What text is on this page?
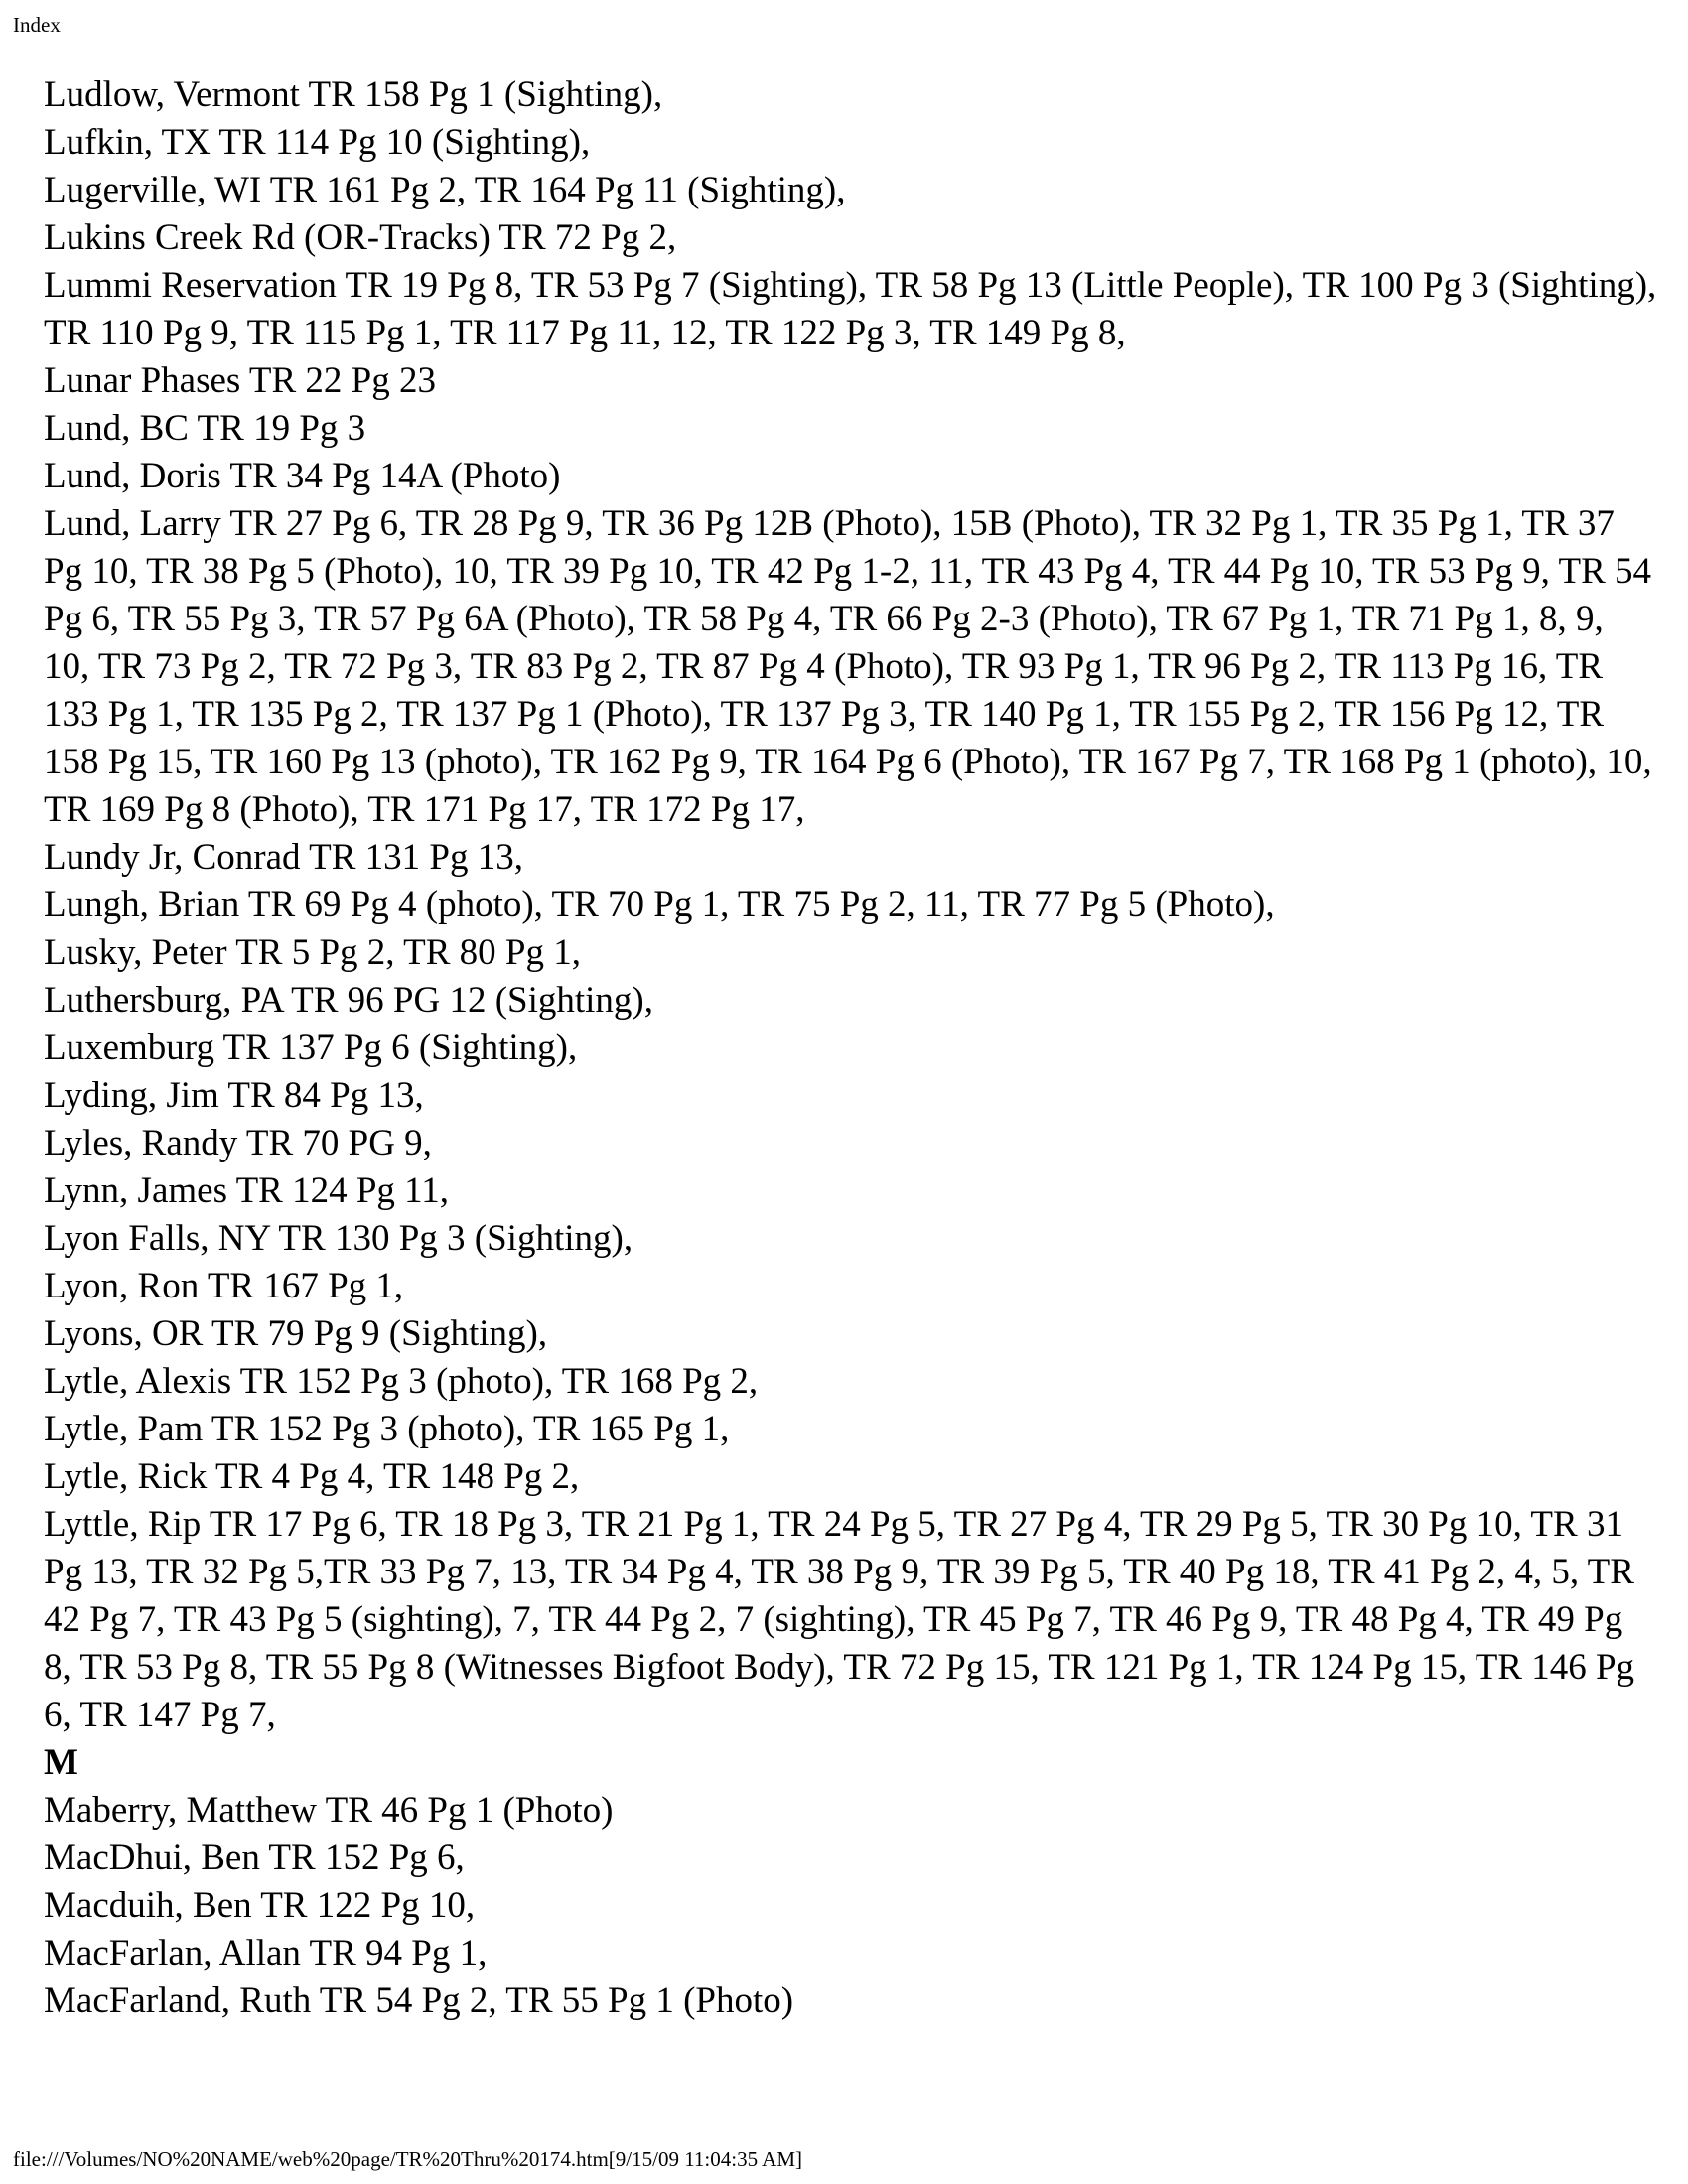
Index

Ludlow, Vermont TR 158 Pg 1 (Sighting),

Lufkin, TX TR 114 Pg 10 (Sighting),

Lugerville, WI TR 161 Pg 2, TR 164 Pg 11 (Sighting),

Lukins Creek Rd (OR-Tracks) TR 72 Pg 2,

Lummi Reservation TR 19 Pg 8, TR 53 Pg 7 (Sighting), TR 58 Pg 13 (Little People), TR 100 Pg 3 (Sighting), TR 110 Pg 9, TR 115 Pg 1, TR 117 Pg 11, 12, TR 122 Pg 3, TR 149 Pg 8,

Lunar Phases TR 22 Pg 23

Lund, BC TR 19 Pg 3

Lund, Doris TR 34 Pg 14A (Photo)

Lund, Larry TR 27 Pg 6, TR 28 Pg 9, TR 36 Pg 12B (Photo), 15B (Photo), TR 32 Pg 1, TR 35 Pg 1, TR 37 Pg 10, TR 38 Pg 5 (Photo), 10, TR 39 Pg 10, TR 42 Pg 1-2, 11, TR 43 Pg 4, TR 44 Pg 10, TR 53 Pg 9, TR 54 Pg 6, TR 55 Pg 3, TR 57 Pg 6A (Photo), TR 58 Pg 4, TR 66 Pg 2-3 (Photo), TR 67 Pg 1, TR 71 Pg 1, 8, 9, 10, TR 73 Pg 2, TR 72 Pg 3, TR 83 Pg 2, TR 87 Pg 4 (Photo), TR 93 Pg 1, TR 96 Pg 2, TR 113 Pg 16, TR 133 Pg 1, TR 135 Pg 2, TR 137 Pg 1 (Photo), TR 137 Pg 3, TR 140 Pg 1, TR 155 Pg 2, TR 156 Pg 12, TR 158 Pg 15, TR 160 Pg 13 (photo), TR 162 Pg 9, TR 164 Pg 6 (Photo), TR 167 Pg 7, TR 168 Pg 1 (photo), 10, TR 169 Pg 8 (Photo), TR 171 Pg 17, TR 172 Pg 17,

Lundy Jr, Conrad TR 131 Pg 13,

Lungh, Brian TR 69 Pg 4 (photo), TR 70 Pg 1, TR 75 Pg 2, 11, TR 77 Pg 5 (Photo),

Lusky, Peter TR 5 Pg 2, TR 80 Pg 1,

Luthersburg, PA TR 96 PG 12 (Sighting),

Luxemburg TR 137 Pg 6 (Sighting),

Lyding, Jim TR 84 Pg 13,

Lyles, Randy TR 70 PG 9,

Lynn, James TR 124 Pg 11,

Lyon Falls, NY TR 130 Pg 3 (Sighting),

Lyon, Ron TR 167 Pg 1,

Lyons, OR TR 79 Pg 9 (Sighting),

Lytle, Alexis TR 152 Pg 3 (photo), TR 168 Pg 2,

Lytle, Pam TR 152 Pg 3 (photo), TR 165 Pg 1,

Lytle, Rick TR 4 Pg 4, TR 148 Pg 2,

Lyttle, Rip TR 17 Pg 6, TR 18 Pg 3, TR 21 Pg 1, TR 24 Pg 5, TR 27 Pg 4, TR 29 Pg 5, TR 30 Pg 10, TR 31 Pg 13, TR 32 Pg 5,TR 33 Pg 7, 13, TR 34 Pg 4, TR 38 Pg 9, TR 39 Pg 5, TR 40 Pg 18, TR 41 Pg 2, 4, 5, TR 42 Pg 7, TR 43 Pg 5 (sighting), 7, TR 44 Pg 2, 7 (sighting), TR 45 Pg 7, TR 46 Pg 9, TR 48 Pg 4, TR 49 Pg 8, TR 53 Pg 8, TR 55 Pg 8 (Witnesses Bigfoot Body), TR 72 Pg 15, TR 121 Pg 1, TR 124 Pg 15, TR 146 Pg 6, TR 147 Pg 7,

M

Maberry, Matthew TR 46 Pg 1 (Photo)

MacDhui, Ben TR 152 Pg 6,

Macduih, Ben TR 122 Pg 10,

MacFarlan, Allan TR 94 Pg 1,

MacFarland, Ruth TR 54 Pg 2, TR 55 Pg 1 (Photo)

file:///Volumes/NO%20NAME/web%20page/TR%20Thru%20174.htm[9/15/09 11:04:35 AM]
